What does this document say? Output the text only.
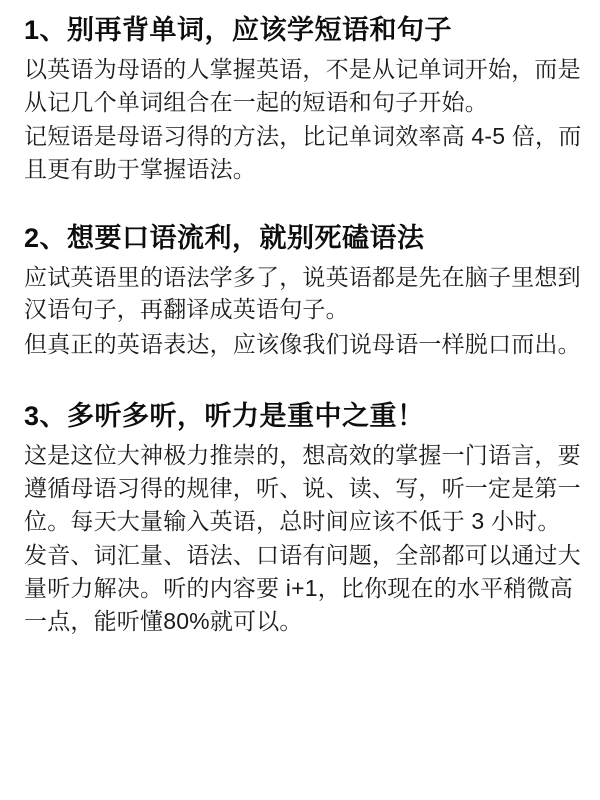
1、别再背单词，应该学短语和句子

以英语为母语的人掌握英语，不是从记单词开始，而是从记几个单词组合在一起的短语和句子开始。

记短语是母语习得的方法，比记单词效率高 4-5 倍，而且更有助于掌握语法。

2、想要口语流利，就别死磕语法

应试英语里的语法学多了，说英语都是先在脑子里想到汉语句子，再翻译成英语句子。

但真正的英语表达，应该像我们说母语一样脱口而出。

3、多听多听，听力是重中之重！

这是这位大神极力推崇的，想高效的掌握一门语言，要遵循母语习得的规律，听、说、读、写，听一定是第一位。每天大量输入英语，总时间应该不低于 3 小时。

发音、词汇量、语法、口语有问题，全部都可以通过大量听力解决。听的内容要 i+1，比你现在的水平稍微高一点，能听懂80%就可以。
